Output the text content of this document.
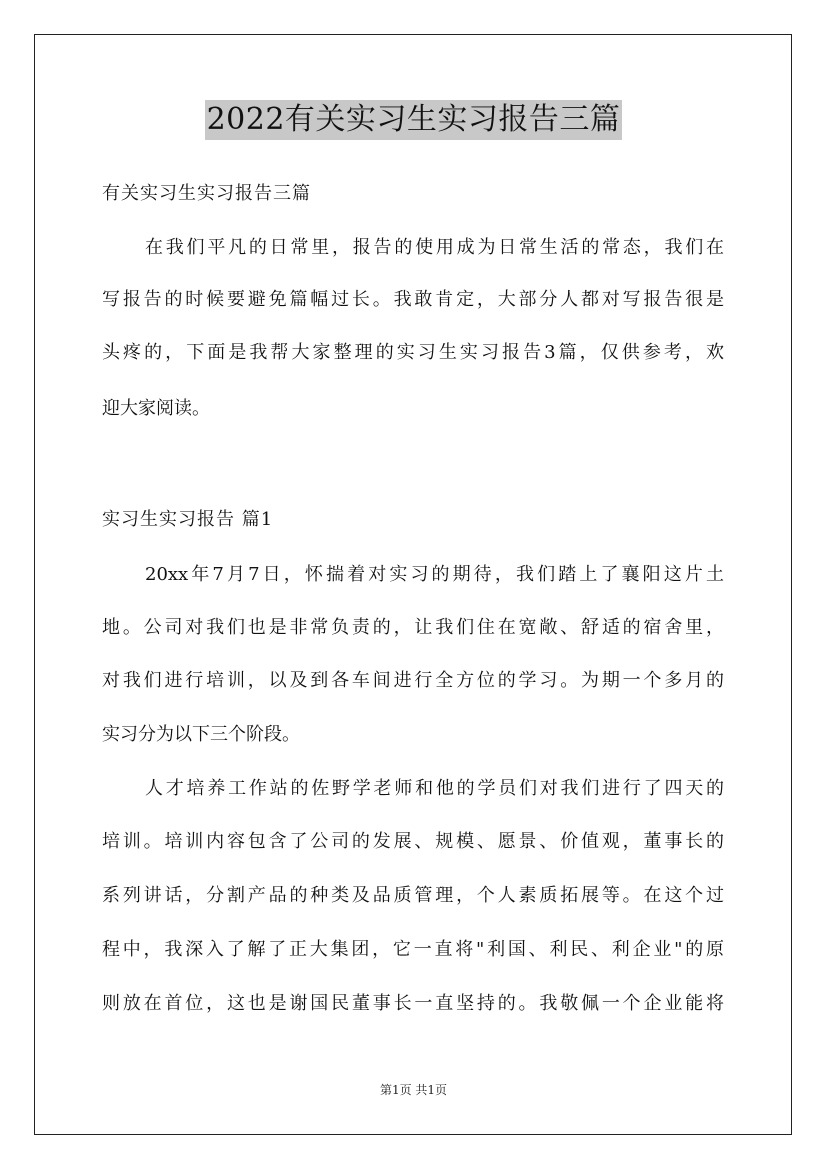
2022有关实习生实习报告三篇
有关实习生实习报告三篇
在我们平凡的日常里，报告的使用成为日常生活的常态，我们在
写报告的时候要避免篇幅过长。我敢肯定，大部分人都对写报告很是
头疼的，下面是我帮大家整理的实习生实习报告3篇，仅供参考，欢
迎大家阅读。
实习生实习报告 篇1
20xx年7月7日，怀揣着对实习的期待，我们踏上了襄阳这片土
地。公司对我们也是非常负责的，让我们住在宽敞、舒适的宿舍里，
对我们进行培训，以及到各车间进行全方位的学习。为期一个多月的
实习分为以下三个阶段。
人才培养工作站的佐野学老师和他的学员们对我们进行了四天的
培训。培训内容包含了公司的发展、规模、愿景、价值观，董事长的
系列讲话，分割产品的种类及品质管理，个人素质拓展等。在这个过
程中，我深入了解了正大集团，它一直将"利国、利民、利企业"的原
则放在首位，这也是谢国民董事长一直坚持的。我敬佩一个企业能将
第1页 共1页
